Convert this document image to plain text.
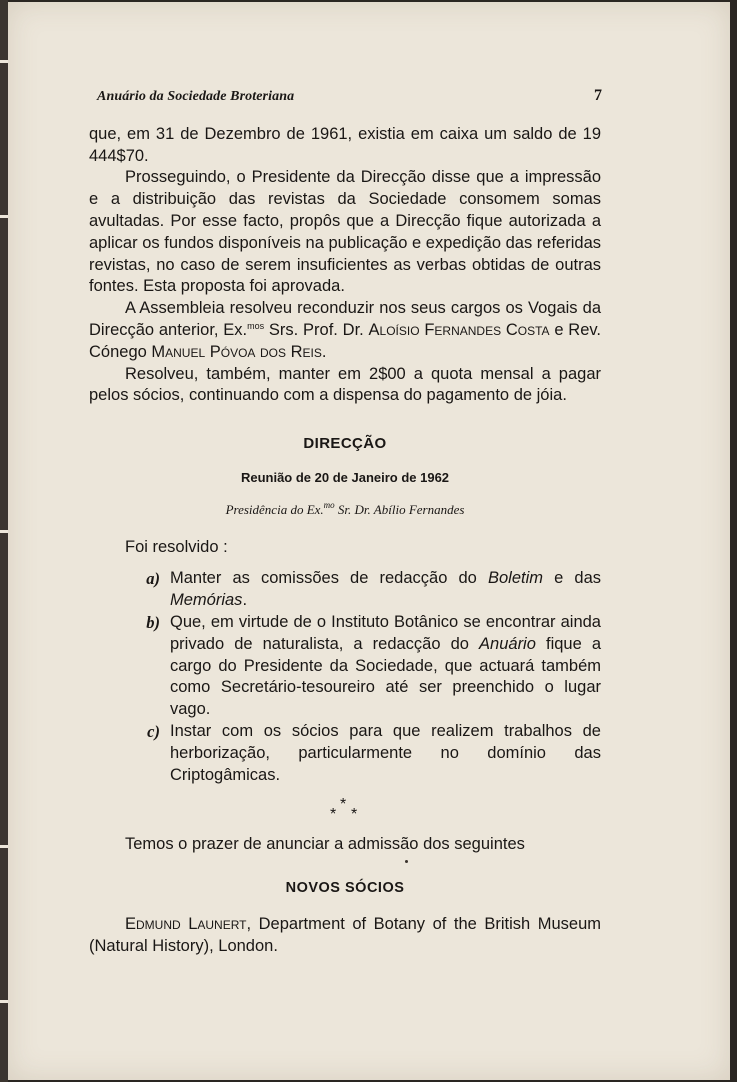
Anuário da Sociedade Broteriana	7

que, em 31 de Dezembro de 1961, existia em caixa um saldo de 19 444$70.

Prosseguindo, o Presidente da Direcção disse que a impressão e a distribuição das revistas da Sociedade consomem somas avultadas. Por esse facto, propôs que a Direcção fique autorizada a aplicar os fundos disponíveis na publicação e expedição das referidas revistas, no caso de serem insuficientes as verbas obtidas de outras fontes. Esta proposta foi aprovada.

A Assembleia resolveu reconduzir nos seus cargos os Vogais da Direcção anterior, Ex.$^{mos}$ Srs. Prof. Dr. Aloísio Fernandes Costa e Rev. Cónego Manuel Póvoa dos Reis.

Resolveu, também, manter em 2$00 a quota mensal a pagar pelos sócios, continuando com a dispensa do pagamento de jóia.

DIRECÇÃO
Reunião de 20 de Janeiro de 1962
Presidência do Ex.$^{mo}$ Sr. Dr. Abílio Fernandes

Foi resolvido :

a) Manter as comissões de redacção do Boletim e das Memórias.
b) Que, em virtude de o Instituto Botânico se encontrar ainda privado de naturalista, a redacção do Anuário fique a cargo do Presidente da Sociedade, que actuará também como Secretário-tesoureiro até ser preenchido o lugar vago.
c) Instar com os sócios para que realizem trabalhos de herborização, particularmente no domínio das Criptogâmicas.
*
*
*

Temos o prazer de anunciar a admissão dos seguintes

NOVOS SÓCIOS

Edmund Launert, Department of Botany of the British Museum (Natural History), London.
